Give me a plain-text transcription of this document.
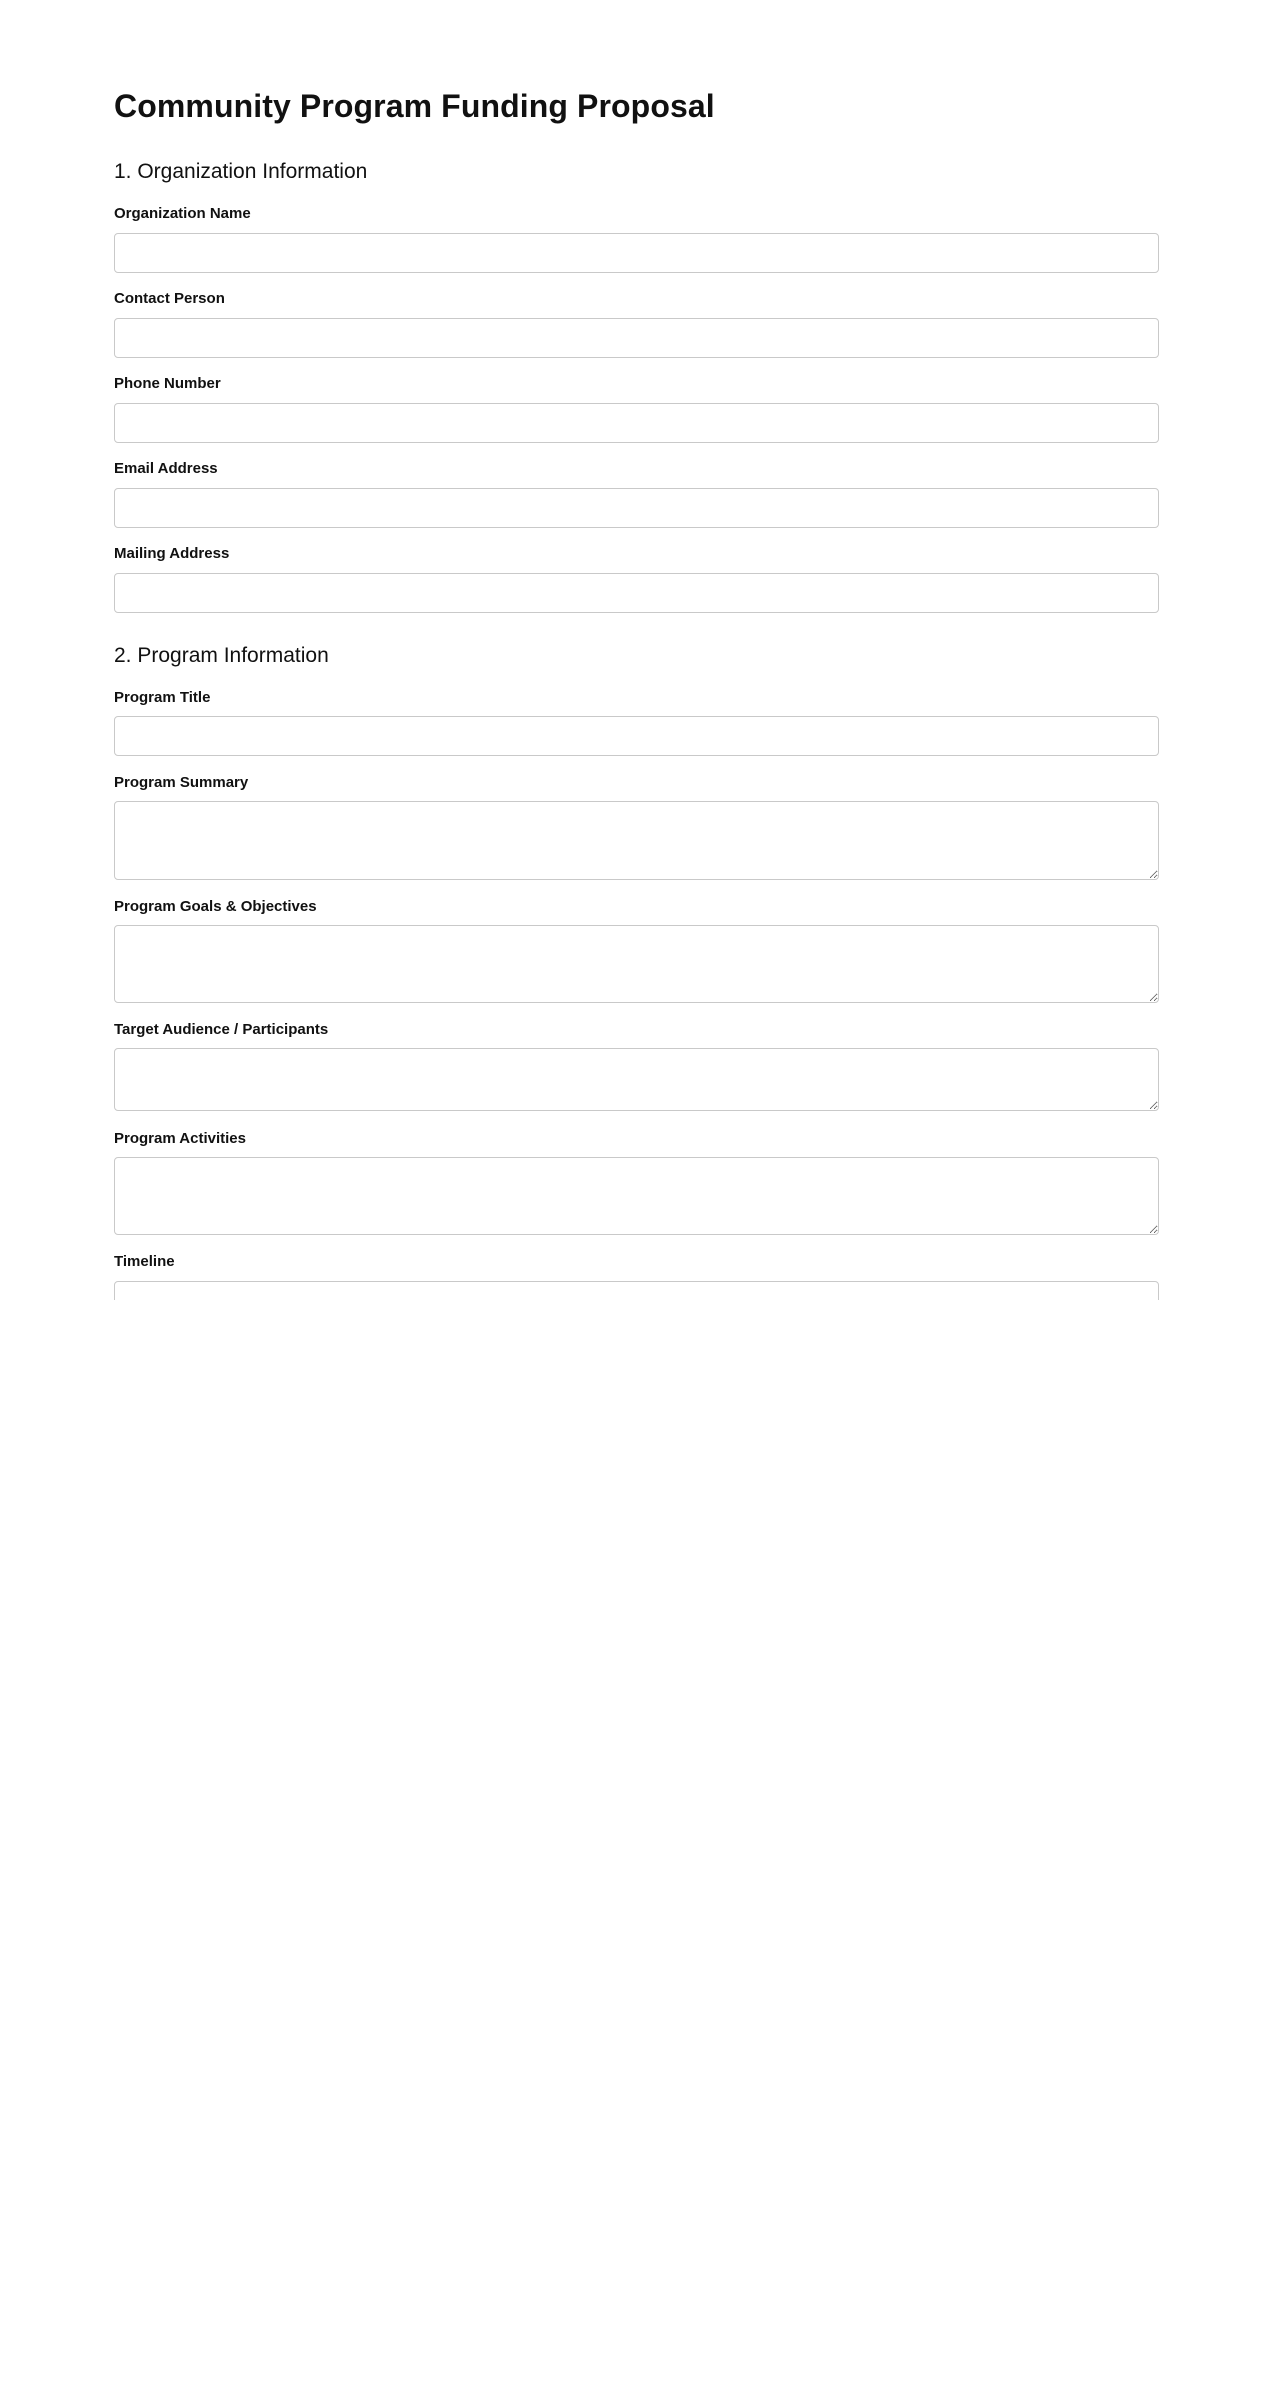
Community Program Funding Proposal
1. Organization Information
Organization Name
Contact Person
Phone Number
Email Address
Mailing Address
2. Program Information
Program Title
Program Summary
Program Goals & Objectives
Target Audience / Participants
Program Activities
Timeline
